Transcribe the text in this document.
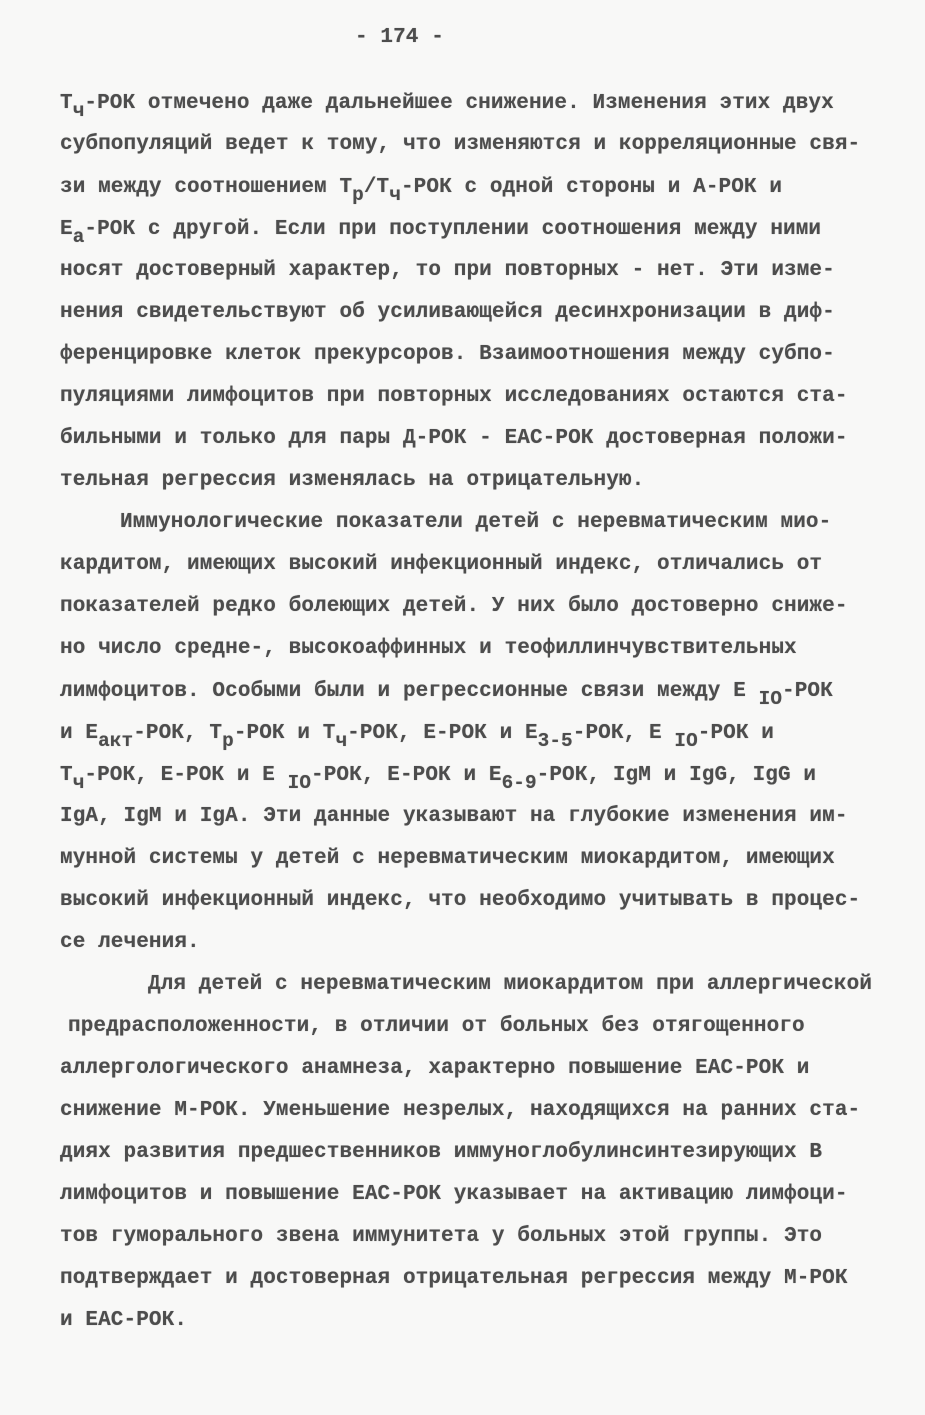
- 174 -
Тч-РОК отмечено даже дальнейшее снижение. Изменения этих двух
субпопуляций ведет к тому, что изменяются и корреляционные свя-
зи между соотношением Тр/Тч-РОК с одной стороны и А-РОК и
Еа-РОК с другой. Если при поступлении соотношения между ними
носят достоверный характер, то при повторных - нет. Эти изме-
нения свидетельствуют об усиливающейся десинхронизации в диф-
ференцировке клеток прекурсоров. Взаимоотношения между субпо-
пуляциями лимфоцитов при повторных исследованиях остаются ста-
бильными и только для пары Д-РОК - ЕАС-РОК достоверная положи-
тельная регрессия изменялась на отрицательную.
Иммунологические показатели детей с неревматическим мио-
кардитом, имеющих высокий инфекционный индекс, отличались от
показателей редко болеющих детей. У них было достоверно сниже-
но число средне-, высокоаффинных и теофиллинчувствительных
лимфоцитов. Особыми были и регрессионные связи между Е IO-РОК
и Еакт-РОК, Тр-РОК и Тч-РОК, Е-РОК и Е3-5-РОК, Е IO-РОК и
Тч-РОК, Е-РОК и Е IO-РОК, Е-РОК и Е6-9-РОК, IgM и IgG, IgG и
IgA, IgM и IgA. Эти данные указывают на глубокие изменения им-
мунной системы у детей с неревматическим миокардитом, имеющих
высокий инфекционный индекс, что необходимо учитывать в процес-
се лечения.
Для детей с неревматическим миокардитом при аллергической
предрасположенности, в отличии от больных без отягощенного
аллергологического анамнеза, характерно повышение ЕАС-РОК и
снижение М-РОК. Уменьшение незрелых, находящихся на ранних ста-
диях развития предшественников иммуноглобулинсинтезирующих В
лимфоцитов и повышение ЕАС-РОК указывает на активацию лимфоци-
тов гуморального звена иммунитета у больных этой группы. Это
подтверждает и достоверная отрицательная регрессия между М-РОК
и ЕАС-РОК.
